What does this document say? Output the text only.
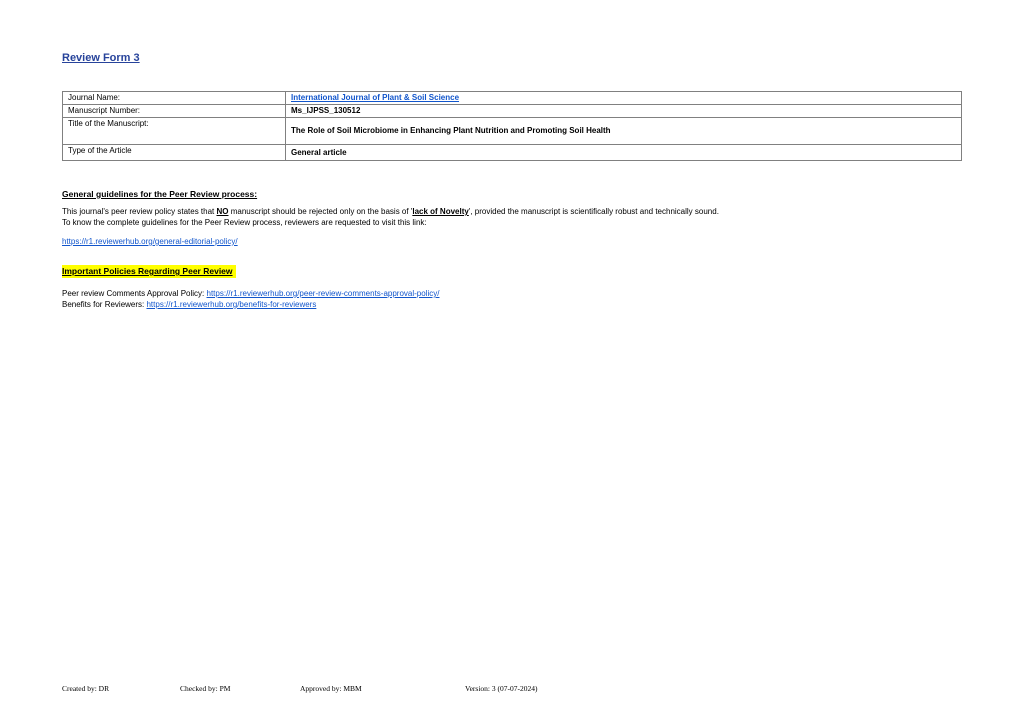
Review Form 3
Journal Name:	International Journal of Plant & Soil Science
Manuscript Number:	Ms_IJPSS_130512
Title of the Manuscript:	The Role of Soil Microbiome in Enhancing Plant Nutrition and Promoting Soil Health
Type of the Article	General article
General guidelines for the Peer Review process:
This journal's peer review policy states that NO manuscript should be rejected only on the basis of 'lack of Novelty', provided the manuscript is scientifically robust and technically sound.
To know the complete guidelines for the Peer Review process, reviewers are requested to visit this link:
https://r1.reviewerhub.org/general-editorial-policy/
Important Policies Regarding Peer Review
Peer review Comments Approval Policy: https://r1.reviewerhub.org/peer-review-comments-approval-policy/
Benefits for Reviewers: https://r1.reviewerhub.org/benefits-for-reviewers
Created by: DR	Checked by: PM	Approved by: MBM	Version: 3 (07-07-2024)
